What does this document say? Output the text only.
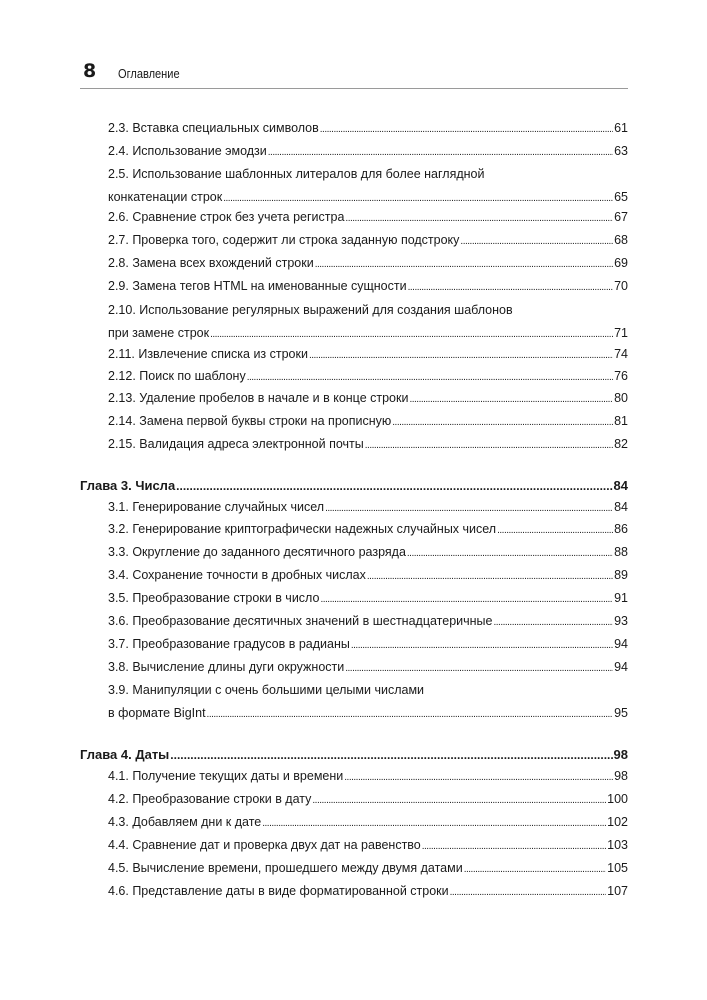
8 Оглавление
2.3. Вставка специальных символов .....	61
2.4. Использование эмодзи .....	63
2.5. Использование шаблонных литералов для более наглядной
конкатенации строк .....	65
2.6. Сравнение строк без учета регистра .....	67
2.7. Проверка того, содержит ли строка заданную подстроку .....	68
2.8. Замена всех вхождений строки .....	69
2.9. Замена тегов HTML на именованные сущности .....	70
2.10. Использование регулярных выражений для создания шаблонов
при замене строк .....	71
2.11. Извлечение списка из строки .....	74
2.12. Поиск по шаблону .....	76
2.13. Удаление пробелов в начале и в конце строки .....	80
2.14. Замена первой буквы строки на прописную .....	81
2.15. Валидация адреса электронной почты .....	82
Глава 3. Числа .....	84
3.1. Генерирование случайных чисел .....	84
3.2. Генерирование криптографически надежных случайных чисел .....	86
3.3. Округление до заданного десятичного разряда .....	88
3.4. Сохранение точности в дробных числах .....	89
3.5. Преобразование строки в число .....	91
3.6. Преобразование десятичных значений в шестнадцатеричные .....	93
3.7. Преобразование градусов в радианы .....	94
3.8. Вычисление длины дуги окружности .....	94
3.9. Манипуляции с очень большими целыми числами
в формате BigInt .....	95
Глава 4. Даты .....	98
4.1. Получение текущих даты и времени .....	98
4.2. Преобразование строки в дату .....	100
4.3. Добавляем дни к дате .....	102
4.4. Сравнение дат и проверка двух дат на равенство .....	103
4.5. Вычисление времени, прошедшего между двумя датами .....	105
4.6. Представление даты в виде форматированной строки .....	107
